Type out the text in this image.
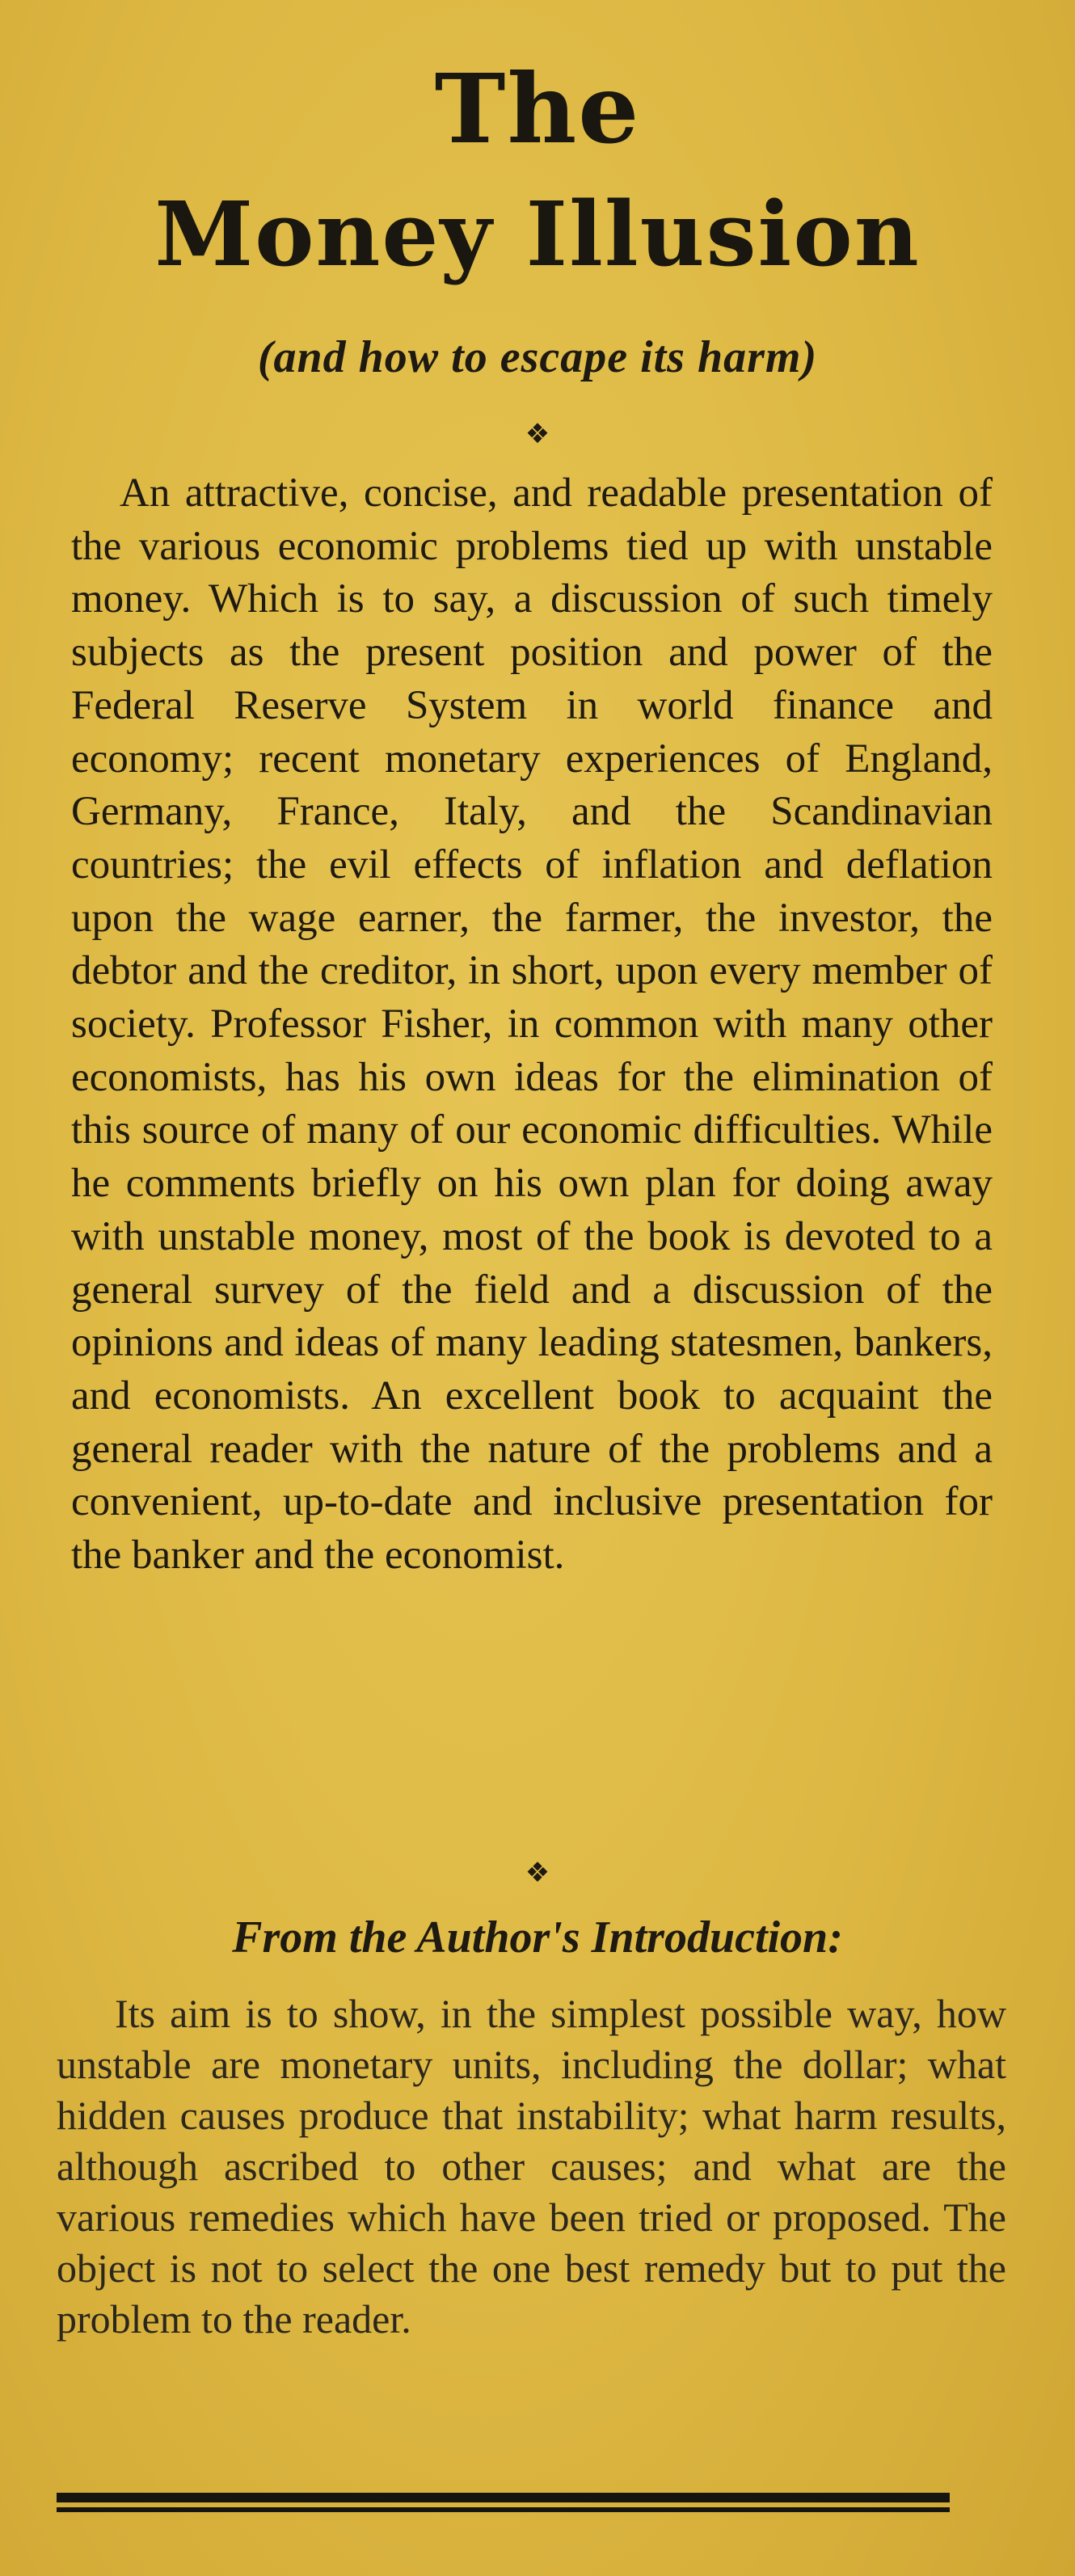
The
Money Illusion
(and how to escape its harm)
❖

An attractive, concise, and readable presentation of the various economic problems tied up with unstable money. Which is to say, a discussion of such timely subjects as the present position and power of the Federal Reserve System in world finance and economy; recent monetary experiences of England, Germany, France, Italy, and the Scandinavian countries; the evil effects of inflation and deflation upon the wage earner, the farmer, the investor, the debtor and the creditor, in short, upon every member of society. Professor Fisher, in common with many other economists, has his own ideas for the elimination of this source of many of our economic difficulties. While he comments briefly on his own plan for doing away with unstable money, most of the book is devoted to a general survey of the field and a discussion of the opinions and ideas of many leading statesmen, bankers, and economists. An excellent book to acquaint the general reader with the nature of the problems and a convenient, up-to-date and inclusive presentation for the banker and the economist.

❖
From the Author's Introduction:

Its aim is to show, in the simplest possible way, how unstable are monetary units, including the dollar; what hidden causes produce that instability; what harm results, although ascribed to other causes; and what are the various remedies which have been tried or proposed. The object is not to select the one best remedy but to put the problem to the reader.
